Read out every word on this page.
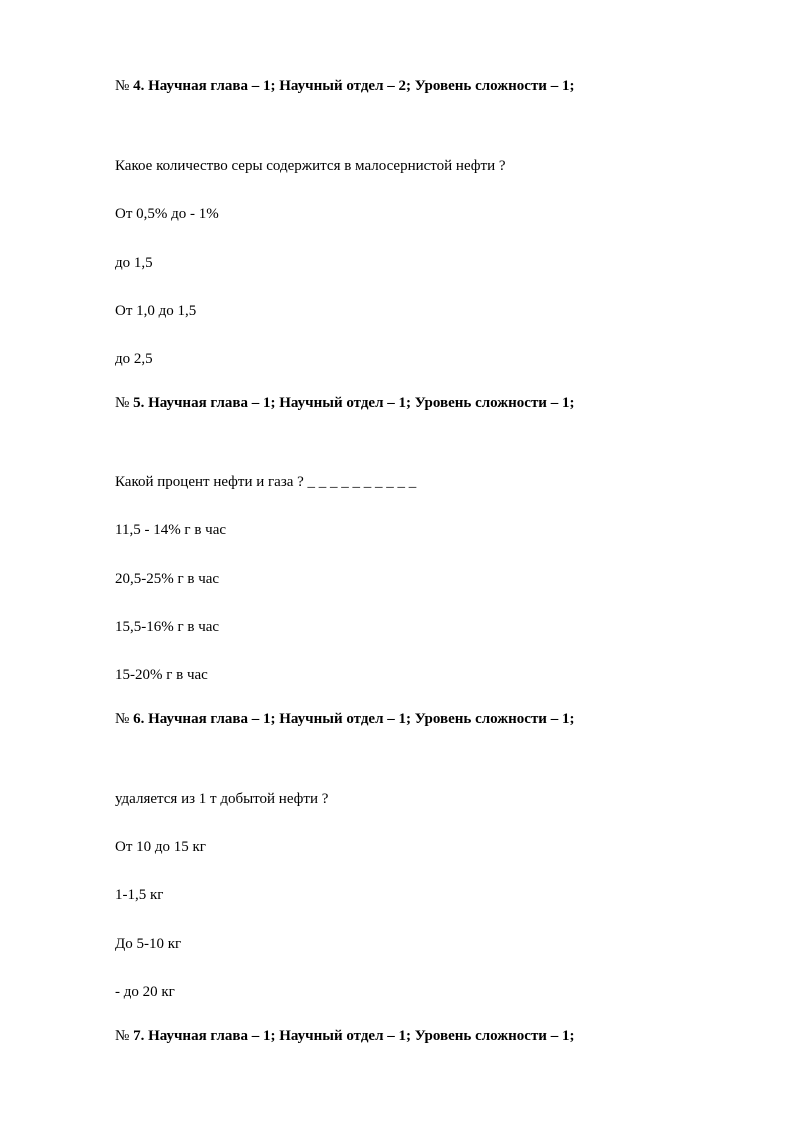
№ 4. Научная глава – 1; Научный отдел – 2; Уровень сложности – 1;
Какое количество серы содержится в малосернистой нефти ?
От 0,5% до - 1%
до 1,5
От 1,0 до 1,5
до 2,5
№ 5. Научная глава – 1; Научный отдел – 1; Уровень сложности – 1;
Какой процент нефти и газа ? _ _ _ _ _ _ _ _ _ _
11,5 - 14% г в час
20,5-25% г в час
15,5-16% г в час
15-20% г в час
№ 6. Научная глава – 1; Научный отдел – 1; Уровень сложности – 1;
удаляется из 1 т добытой нефти ?
От 10 до 15 кг
1-1,5 кг
До 5-10 кг
- до 20 кг
№ 7. Научная глава – 1; Научный отдел – 1; Уровень сложности – 1;
